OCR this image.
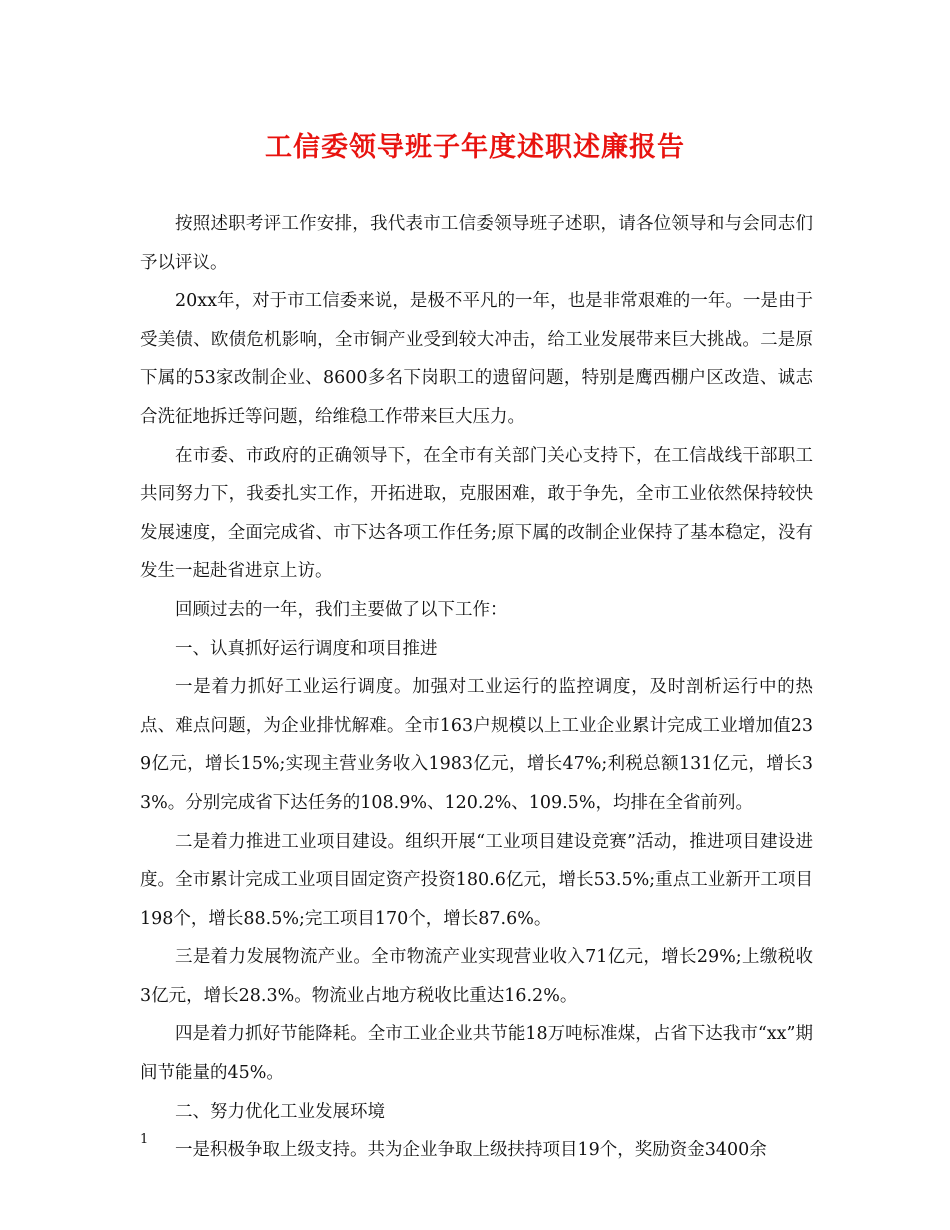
工信委领导班子年度述职述廉报告

按照述职考评工作安排，我代表市工信委领导班子述职，请各位领导和与会同志们予以评议。

20xx年，对于市工信委来说，是极不平凡的一年，也是非常艰难的一年。一是由于受美债、欧债危机影响，全市铜产业受到较大冲击，给工业发展带来巨大挑战。二是原下属的53家改制企业、8600多名下岗职工的遗留问题，特别是鹰西棚户区改造、诚志合洗征地拆迁等问题，给维稳工作带来巨大压力。

在市委、市政府的正确领导下，在全市有关部门关心支持下，在工信战线干部职工共同努力下，我委扎实工作，开拓进取，克服困难，敢于争先，全市工业依然保持较快发展速度，全面完成省、市下达各项工作任务;原下属的改制企业保持了基本稳定，没有发生一起赴省进京上访。

回顾过去的一年，我们主要做了以下工作：

一、认真抓好运行调度和项目推进

一是着力抓好工业运行调度。加强对工业运行的监控调度，及时剖析运行中的热点、难点问题，为企业排忧解难。全市163户规模以上工业企业累计完成工业增加值239亿元，增长15%;实现主营业务收入1983亿元，增长47%;利税总额131亿元，增长33%。分别完成省下达任务的108.9%、120.2%、109.5%，均排在全省前列。

二是着力推进工业项目建设。组织开展“工业项目建设竞赛”活动，推进项目建设进度。全市累计完成工业项目固定资产投资180.6亿元，增长53.5%;重点工业新开工项目198个，增长88.5%;完工项目170个，增长87.6%。

三是着力发展物流产业。全市物流产业实现营业收入71亿元，增长29%;上缴税收3亿元，增长28.3%。物流业占地方税收比重达16.2%。

四是着力抓好节能降耗。全市工业企业共节能18万吨标准煤，占省下达我市“xx”期间节能量的45%。

二、努力优化工业发展环境

一是积极争取上级支持。共为企业争取上级扶持项目19个，奖励资金3400余

1
